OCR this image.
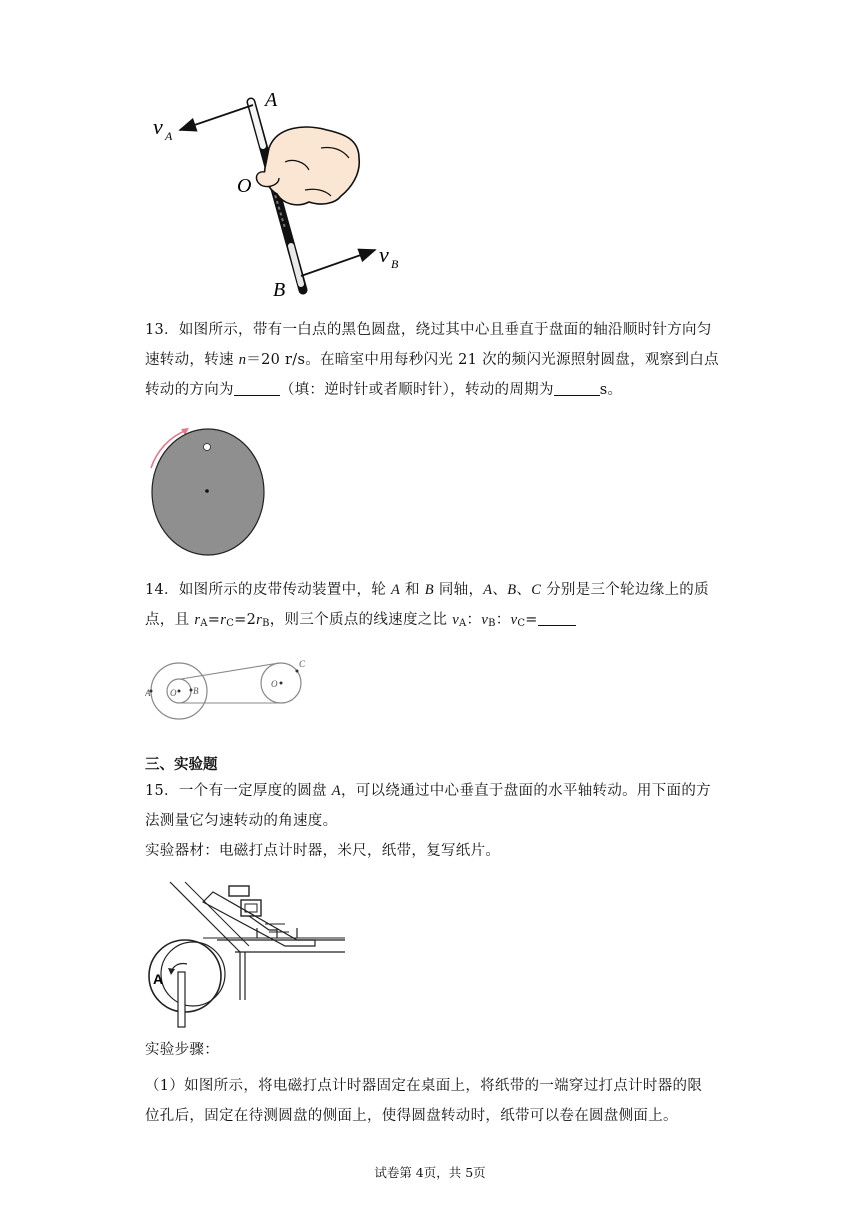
A
O
B
v A
v B
13．如图所示，带有一白点的黑色圆盘，绕过其中心且垂直于盘面的轴沿顺时针方向匀
速转动，转速 n＝20 r/s。在暗室中用每秒闪光 21 次的频闪光源照射圆盘，观察到白点
转动的方向为	（填：逆时针或者顺时针），转动的周期为	s。
14．如图所示的皮带传动装置中，轮 A 和 B 同轴，A、B、C 分别是三个轮边缘上的质
点，且 $r_A=r_C=2r_B$，则三个质点的线速度之比 $v_A$：$v_B$：$v_C=$
A O B
C
O
三、实验题
15．一个有一定厚度的圆盘 A，可以绕通过中心垂直于盘面的水平轴转动。用下面的方
法测量它匀速转动的角速度。
实验器材：电磁打点计时器，米尺，纸带，复写纸片。
A
实验步骤：
（1）如图所示，将电磁打点计时器固定在桌面上，将纸带的一端穿过打点计时器的限
位孔后，固定在待测圆盘的侧面上，使得圆盘转动时，纸带可以卷在圆盘侧面上。
试卷第 4页，共 5页
